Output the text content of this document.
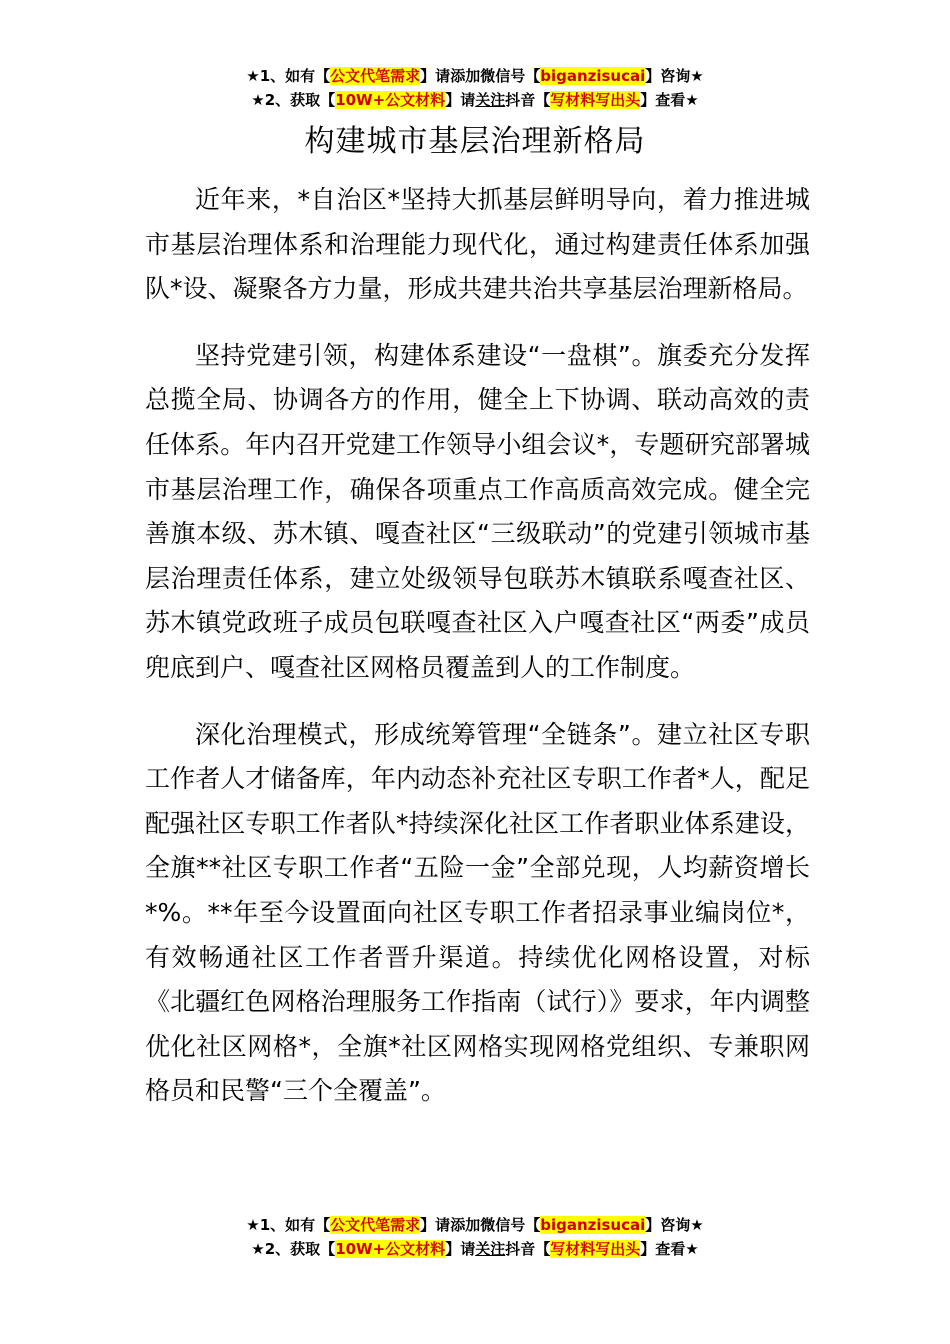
★1、如有【公文代笔需求】请添加微信号【biganzisucai】咨询★
★2、获取【10W+公文材料】请关注抖音【写材料写出头】查看★
构建城市基层治理新格局

近年来，*自治区*坚持大抓基层鲜明导向，着力推进城市基层治理体系和治理能力现代化，通过构建责任体系加强队*设、凝聚各方力量，形成共建共治共享基层治理新格局。

坚持党建引领，构建体系建设“一盘棋”。旗委充分发挥总揽全局、协调各方的作用，健全上下协调、联动高效的责任体系。年内召开党建工作领导小组会议*，专题研究部署城市基层治理工作，确保各项重点工作高质高效完成。健全完善旗本级、苏木镇、嘎查社区“三级联动”的党建引领城市基层治理责任体系，建立处级领导包联苏木镇联系嘎查社区、苏木镇党政班子成员包联嘎查社区入户嘎查社区“两委”成员兜底到户、嘎查社区网格员覆盖到人的工作制度。

深化治理模式，形成统筹管理“全链条”。建立社区专职工作者人才储备库，年内动态补充社区专职工作者*人，配足配强社区专职工作者队*持续深化社区工作者职业体系建设，全旗**社区专职工作者“五险一金”全部兑现，人均薪资增长*%。**年至今设置面向社区专职工作者招录事业编岗位*，有效畅通社区工作者晋升渠道。持续优化网格设置，对标《北疆红色网格治理服务工作指南（试行）》要求，年内调整优化社区网格*，全旗*社区网格实现网格党组织、专兼职网格员和民警“三个全覆盖”。

★1、如有【公文代笔需求】请添加微信号【biganzisucai】咨询★
★2、获取【10W+公文材料】请关注抖音【写材料写出头】查看★
